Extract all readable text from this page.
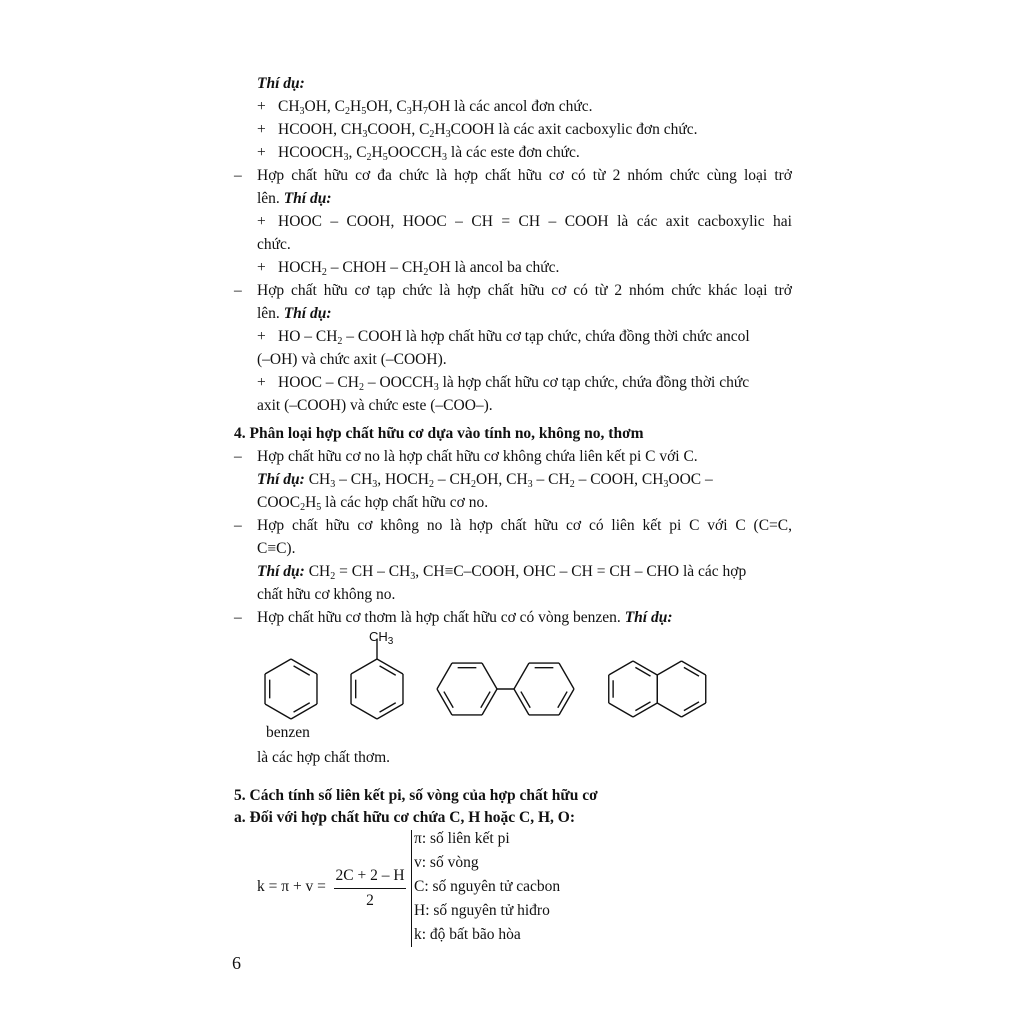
Thí dụ:
+ $CH_3OH$, $C_2H_5OH$, $C_3H_7OH$ là các ancol đơn chức.
+ HCOOH, $CH_3COOH$, $C_2H_3COOH$ là các axit cacboxylic đơn chức.
+ $HCOOCH_3$, $C_2H_5OOCCH_3$ là các este đơn chức.
– Hợp chất hữu cơ đa chức là hợp chất hữu cơ có từ 2 nhóm chức cùng loại trở
lên. Thí dụ:
+ HOOC – COOH, HOOC – CH = CH – COOH là các axit cacboxylic hai
chức.
+ $HOCH_2$ – CHOH – $CH_2OH$ là ancol ba chức.
– Hợp chất hữu cơ tạp chức là hợp chất hữu cơ có từ 2 nhóm chức khác loại trở
lên. Thí dụ:
+ HO – $CH_2$ – COOH là hợp chất hữu cơ tạp chức, chứa đồng thời chức ancol
(–OH) và chức axit (–COOH).
+ HOOC – $CH_2$ – $OOCCH_3$ là hợp chất hữu cơ tạp chức, chứa đồng thời chức
axit (–COOH) và chức este (–COO–).
4. Phân loại hợp chất hữu cơ dựa vào tính no, không no, thơm
– Hợp chất hữu cơ no là hợp chất hữu cơ không chứa liên kết pi C với C.
Thí dụ: $CH_3 - CH_3$, $HOCH_2 - CH_2OH$, $CH_3 - CH_2$ – COOH, $CH_3OOC$ –
$COOC_2H_5$ là các hợp chất hữu cơ no.
– Hợp chất hữu cơ không no là hợp chất hữu cơ có liên kết pi C với C (C=C,
C≡C).
Thí dụ: $CH_2$ = CH – $CH_3$, CH≡C–COOH, OHC – CH = CH – CHO là các hợp
chất hữu cơ không no.
– Hợp chất hữu cơ thơm là hợp chất hữu cơ có vòng benzen. Thí dụ:
$CH_3$
benzen
là các hợp chất thơm.
5. Cách tính số liên kết pi, số vòng của hợp chất hữu cơ
a. Đối với hợp chất hữu cơ chứa C, H hoặc C, H, O:
k = π + v =
2C + 2 – H
2
π: số liên kết pi
v: số vòng
C: số nguyên tử cacbon
H: số nguyên tử hiđro
k: độ bất bão hòa
6
